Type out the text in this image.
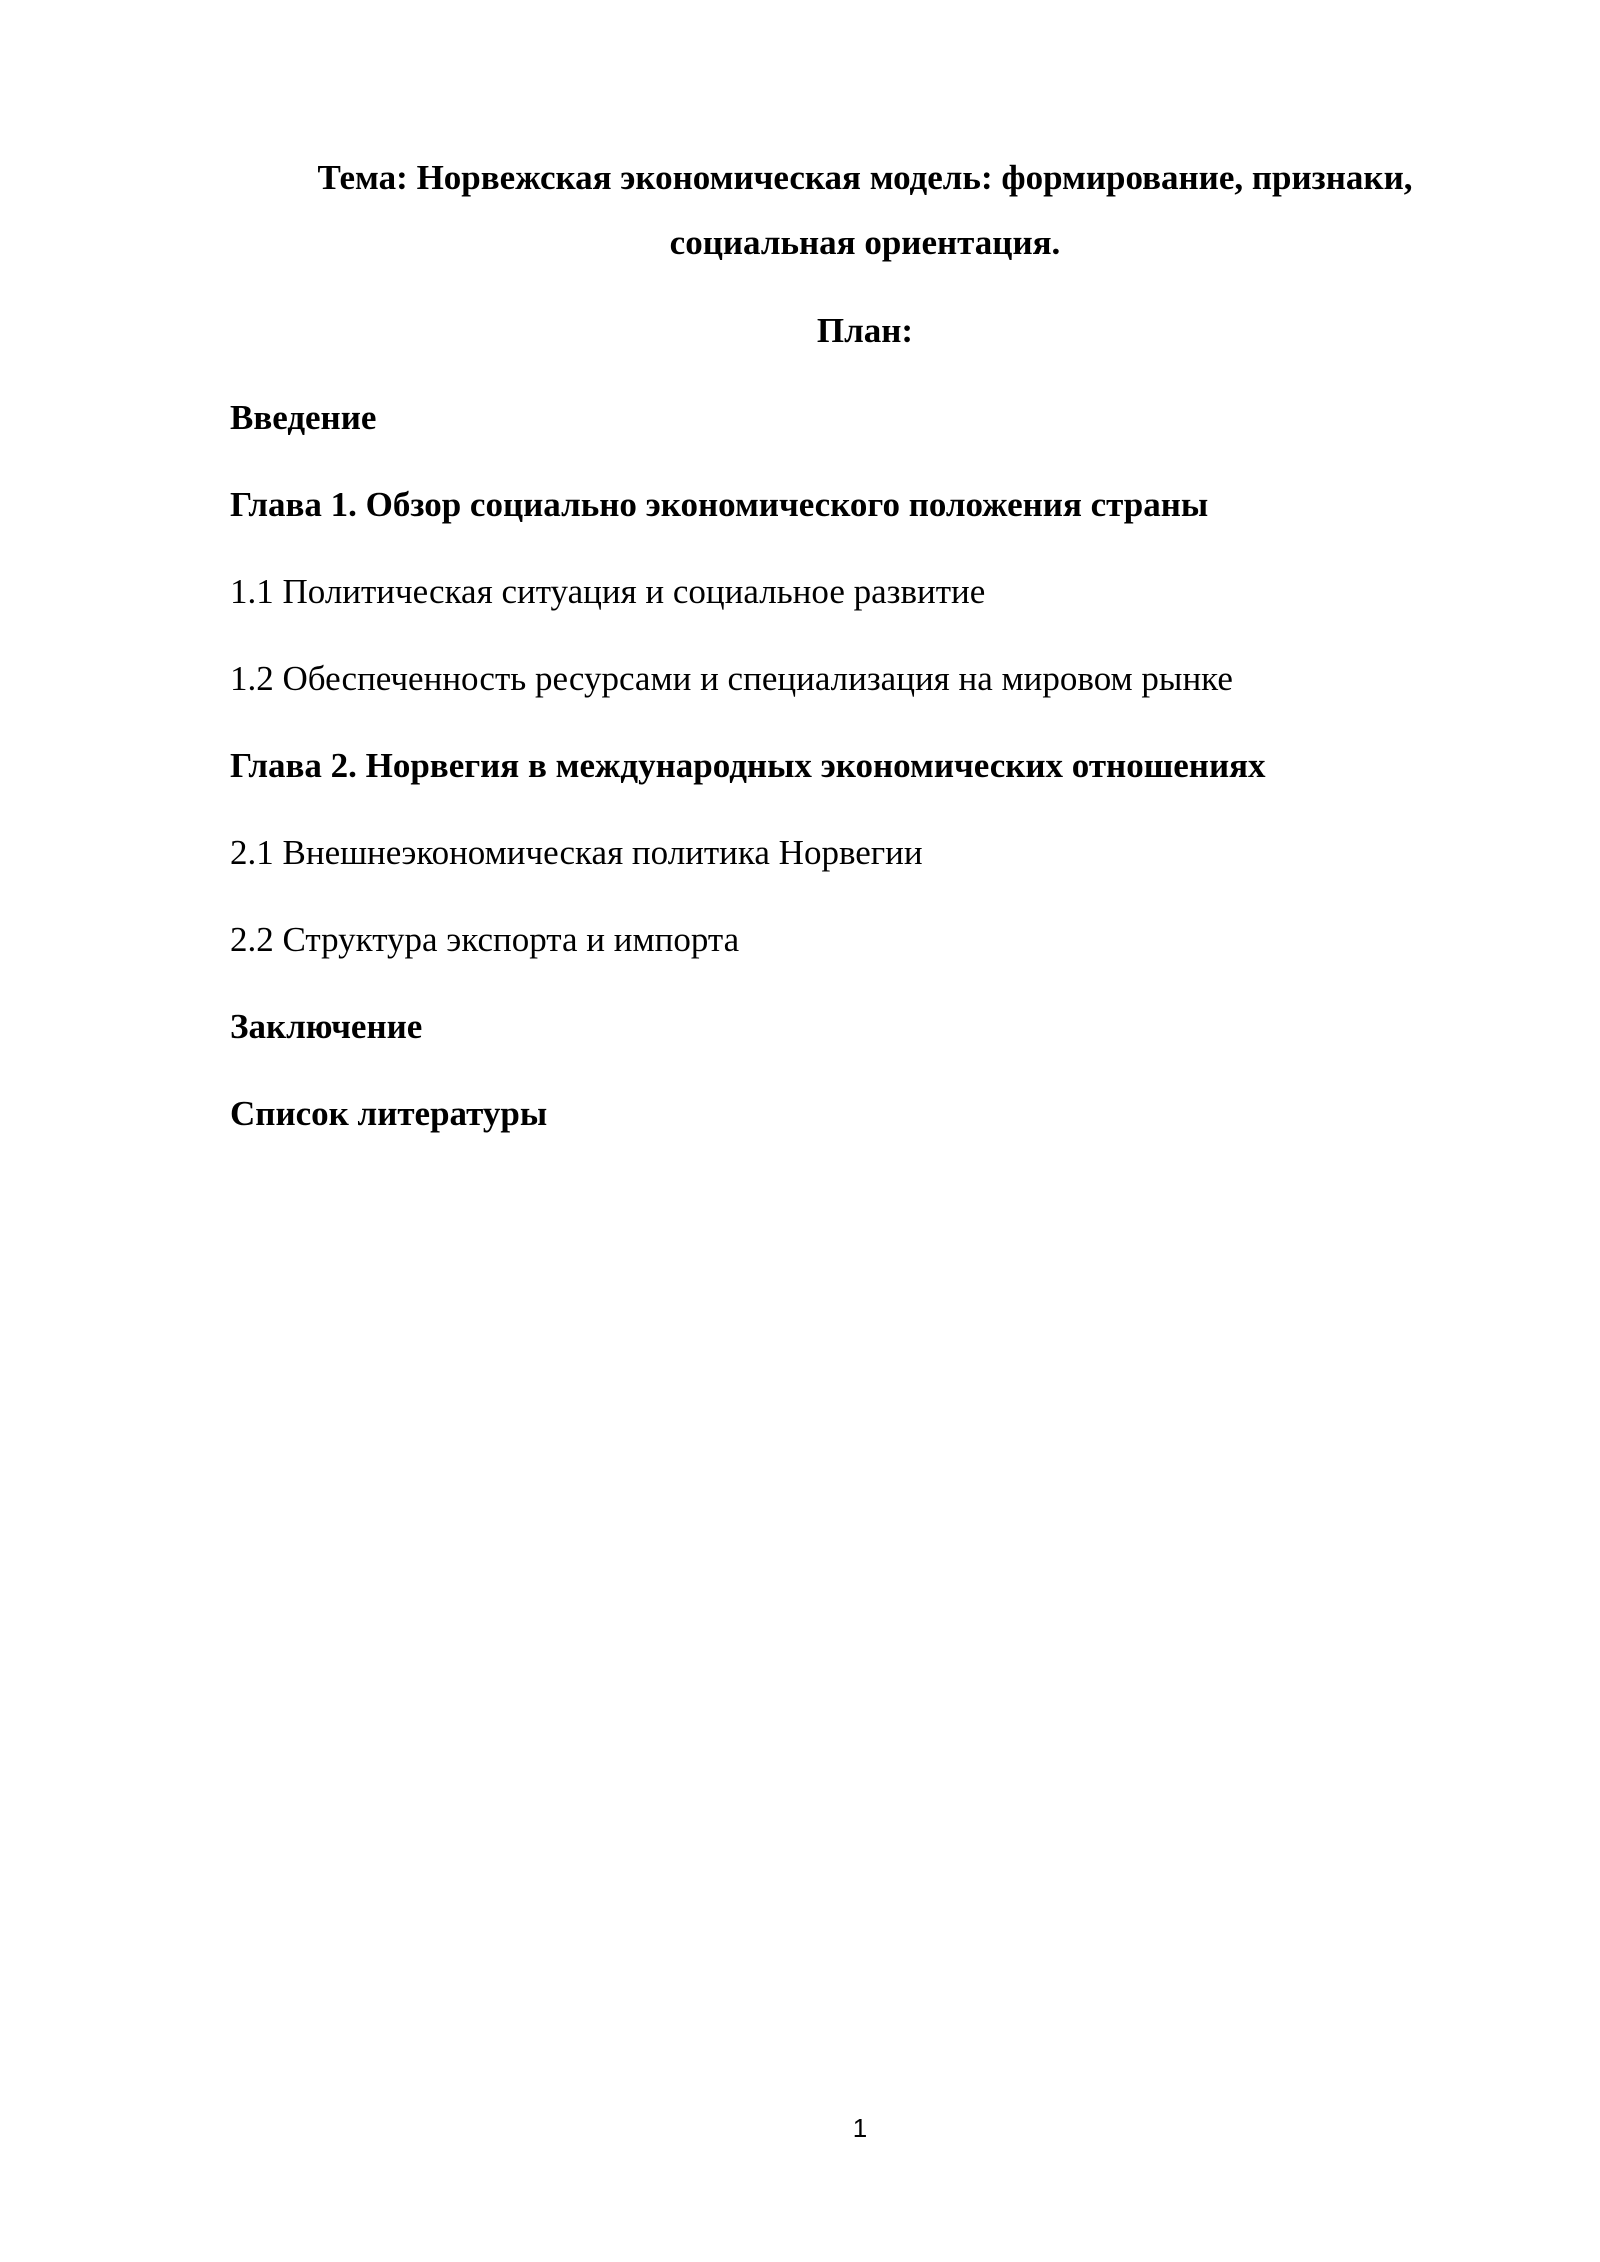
Тема: Норвежская экономическая модель: формирование, признаки,
социальная ориентация.
План:
Введение
Глава 1. Обзор социально экономического положения страны
1.1 Политическая ситуация и социальное развитие
1.2 Обеспеченность ресурсами и специализация на мировом рынке
Глава 2. Норвегия в международных экономических отношениях
2.1 Внешнеэкономическая политика Норвегии
2.2 Структура экспорта и импорта
Заключение
Список литературы
1
